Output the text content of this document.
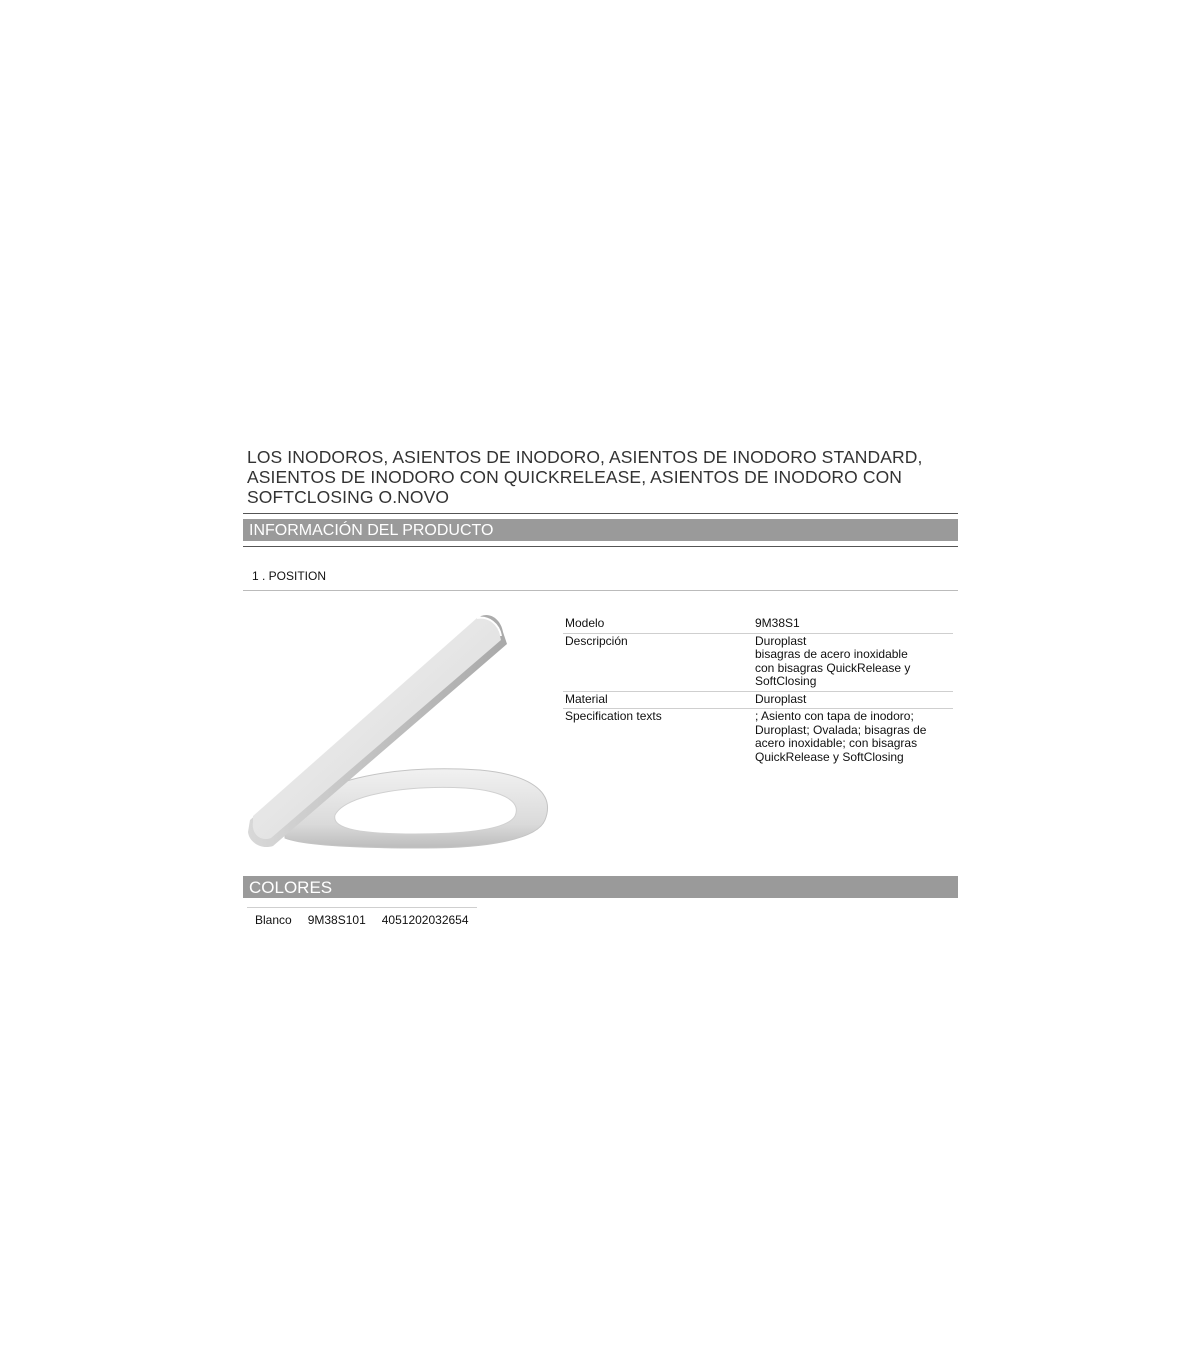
LOS INODOROS, ASIENTOS DE INODORO, ASIENTOS DE INODORO STANDARD, ASIENTOS DE INODORO CON QUICKRELEASE, ASIENTOS DE INODORO CON SOFTCLOSING O.NOVO
INFORMACIÓN DEL PRODUCTO
1 . POSITION
Modelo	9M38S1
Descripción	Duroplast
bisagras de acero inoxidable
con bisagras QuickRelease y
SoftClosing
Material	Duroplast
Specification texts	; Asiento con tapa de inodoro;
Duroplast; Ovalada; bisagras de
acero inoxidable; con bisagras
QuickRelease y SoftClosing
COLORES
Blanco	9M38S101	4051202032654
